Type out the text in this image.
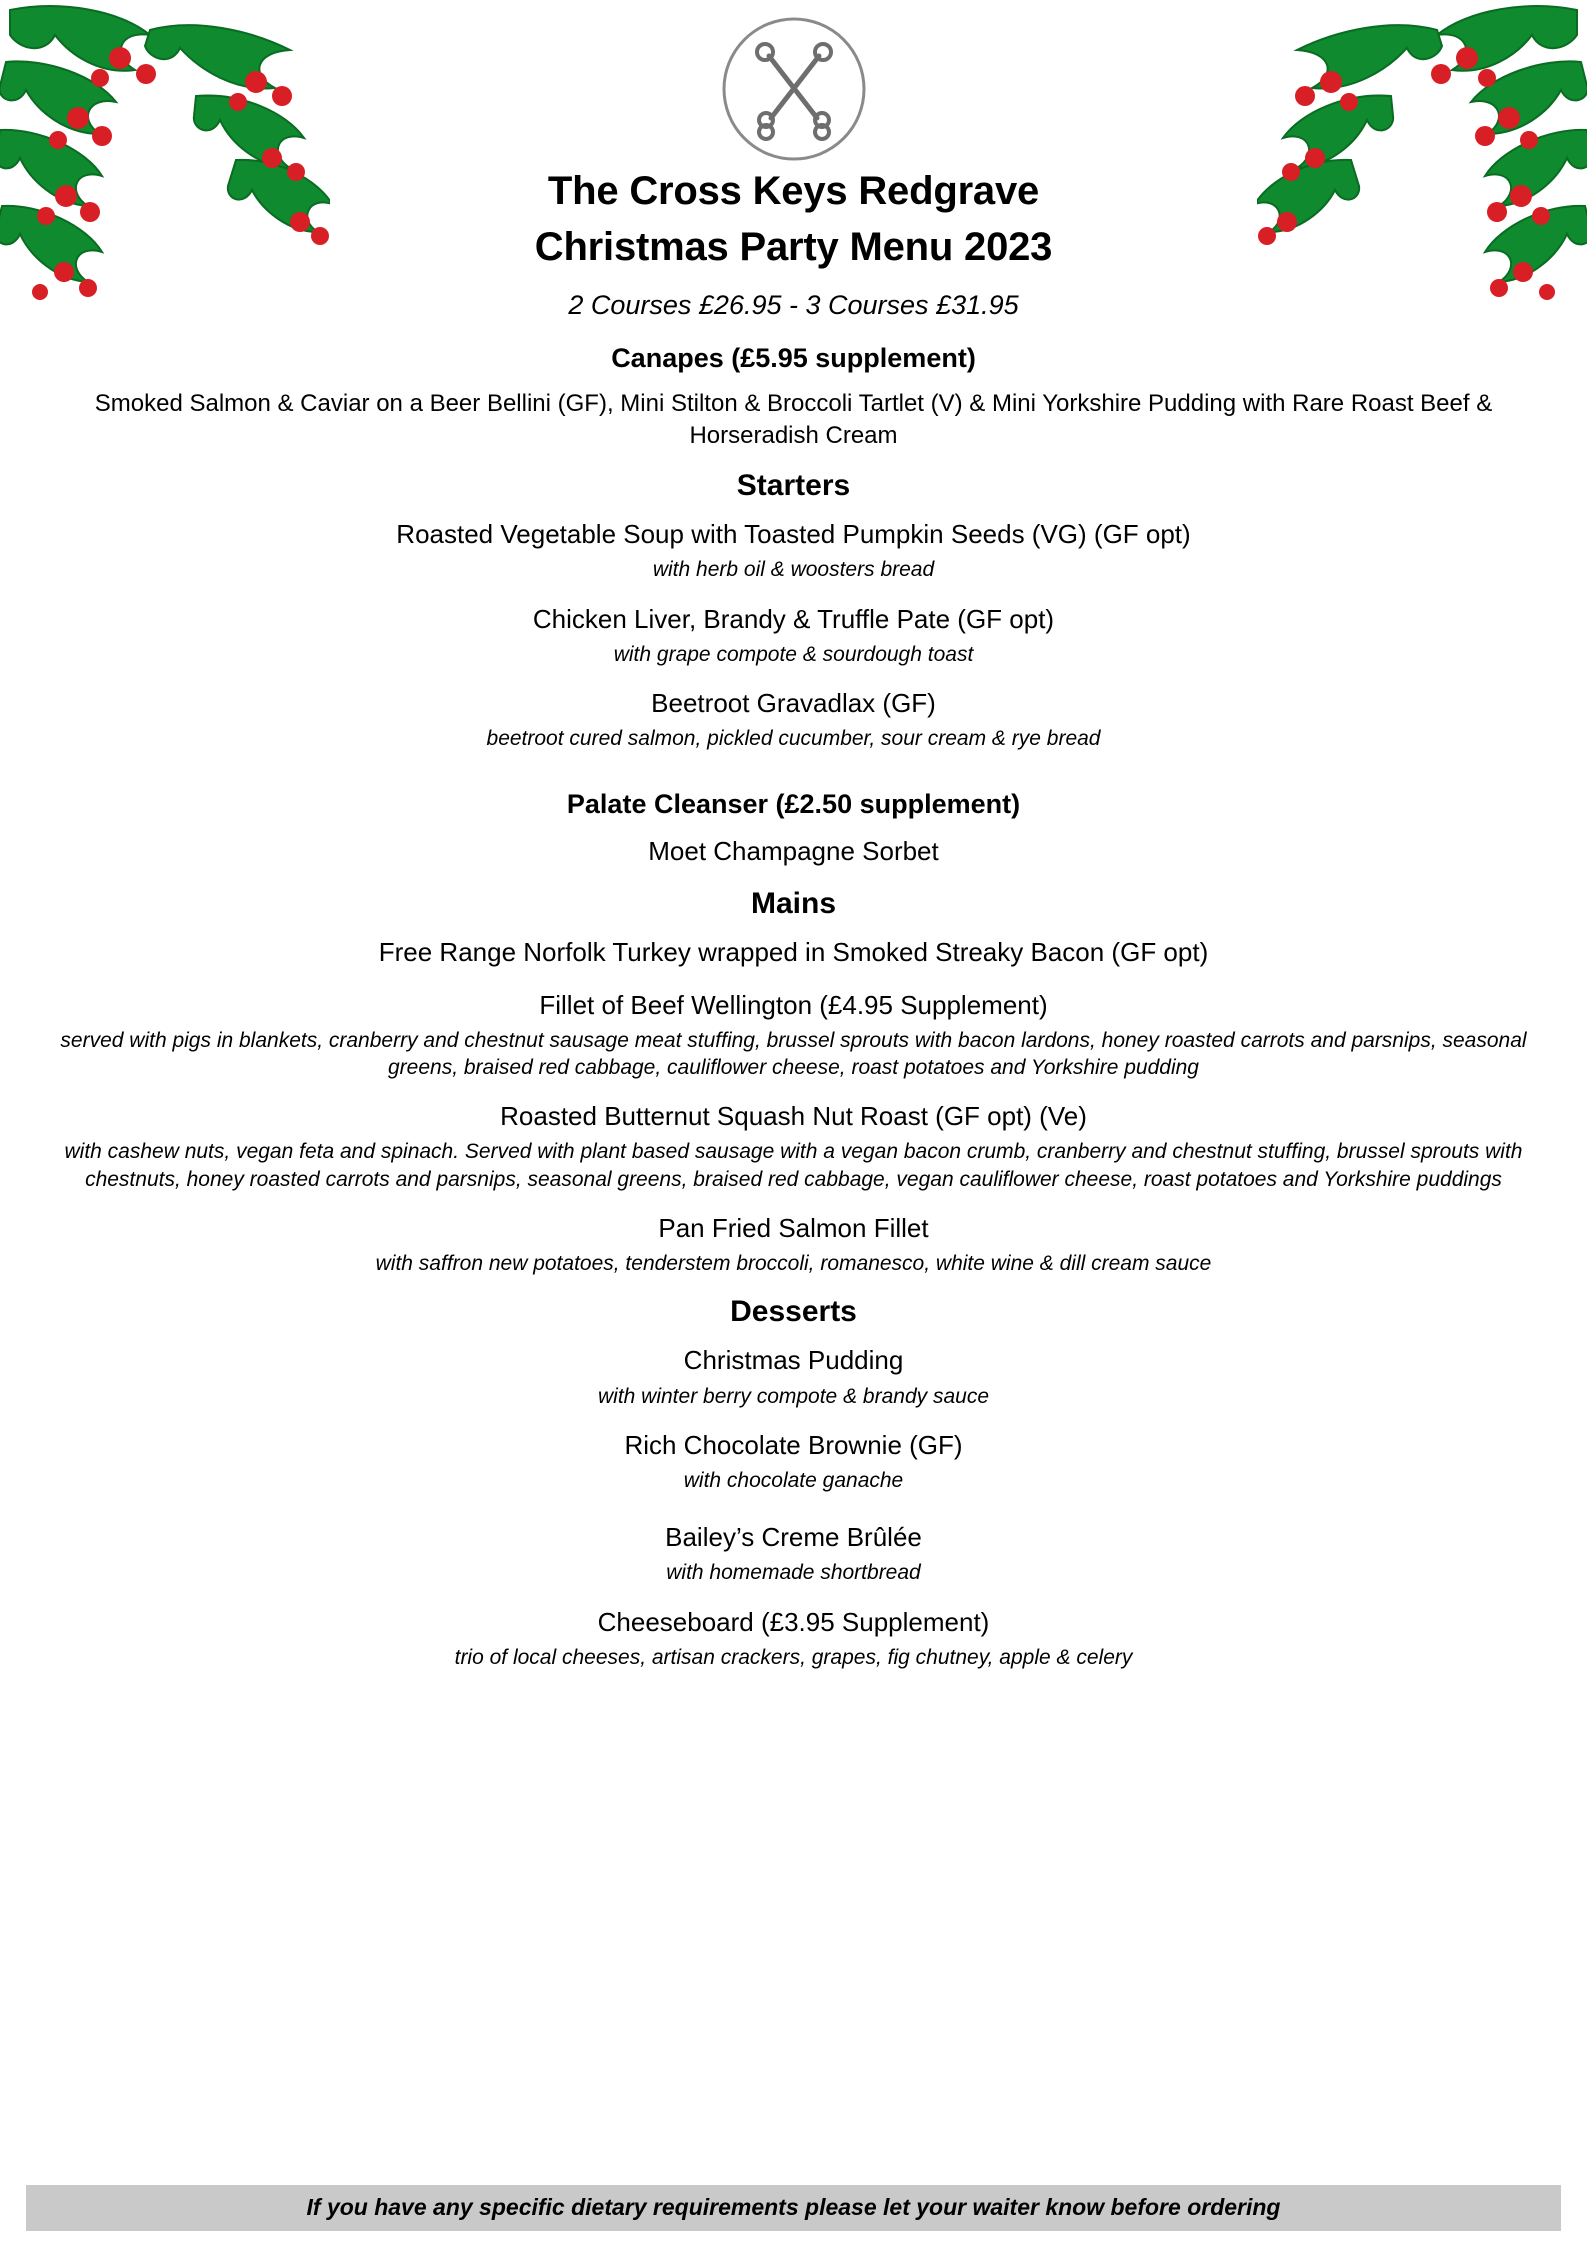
The Cross Keys Redgrave
Christmas Party Menu 2023

2 Courses £26.95 - 3 Courses £31.95

Canapes (£5.95 supplement)

Smoked Salmon & Caviar on a Beer Bellini (GF), Mini Stilton & Broccoli Tartlet (V) & Mini Yorkshire Pudding with Rare Roast Beef & Horseradish Cream

Starters

Roasted Vegetable Soup with Toasted Pumpkin Seeds (VG) (GF opt)

with herb oil & woosters bread

Chicken Liver, Brandy & Truffle Pate (GF opt)

with grape compote & sourdough toast

Beetroot Gravadlax (GF)

beetroot cured salmon, pickled cucumber, sour cream & rye bread

Palate Cleanser (£2.50 supplement)

Moet Champagne Sorbet

Mains

Free Range Norfolk Turkey wrapped in Smoked Streaky Bacon (GF opt)

Fillet of Beef Wellington (£4.95 Supplement)

served with pigs in blankets, cranberry and chestnut sausage meat stuffing, brussel sprouts with bacon lardons, honey roasted carrots and parsnips, seasonal greens, braised red cabbage, cauliflower cheese, roast potatoes and Yorkshire pudding

Roasted Butternut Squash Nut Roast (GF opt) (Ve)

with cashew nuts, vegan feta and spinach. Served with plant based sausage with a vegan bacon crumb, cranberry and chestnut stuffing, brussel sprouts with chestnuts, honey roasted carrots and parsnips, seasonal greens, braised red cabbage, vegan cauliflower cheese, roast potatoes and Yorkshire puddings

Pan Fried Salmon Fillet

with saffron new potatoes, tenderstem broccoli, romanesco, white wine & dill cream sauce

Desserts

Christmas Pudding

with winter berry compote & brandy sauce

Rich Chocolate Brownie (GF)

with chocolate ganache

Bailey’s Creme Brûlée

with homemade shortbread

Cheeseboard (£3.95 Supplement)

trio of local cheeses, artisan crackers, grapes, fig chutney, apple & celery

If you have any specific dietary requirements please let your waiter know before ordering
